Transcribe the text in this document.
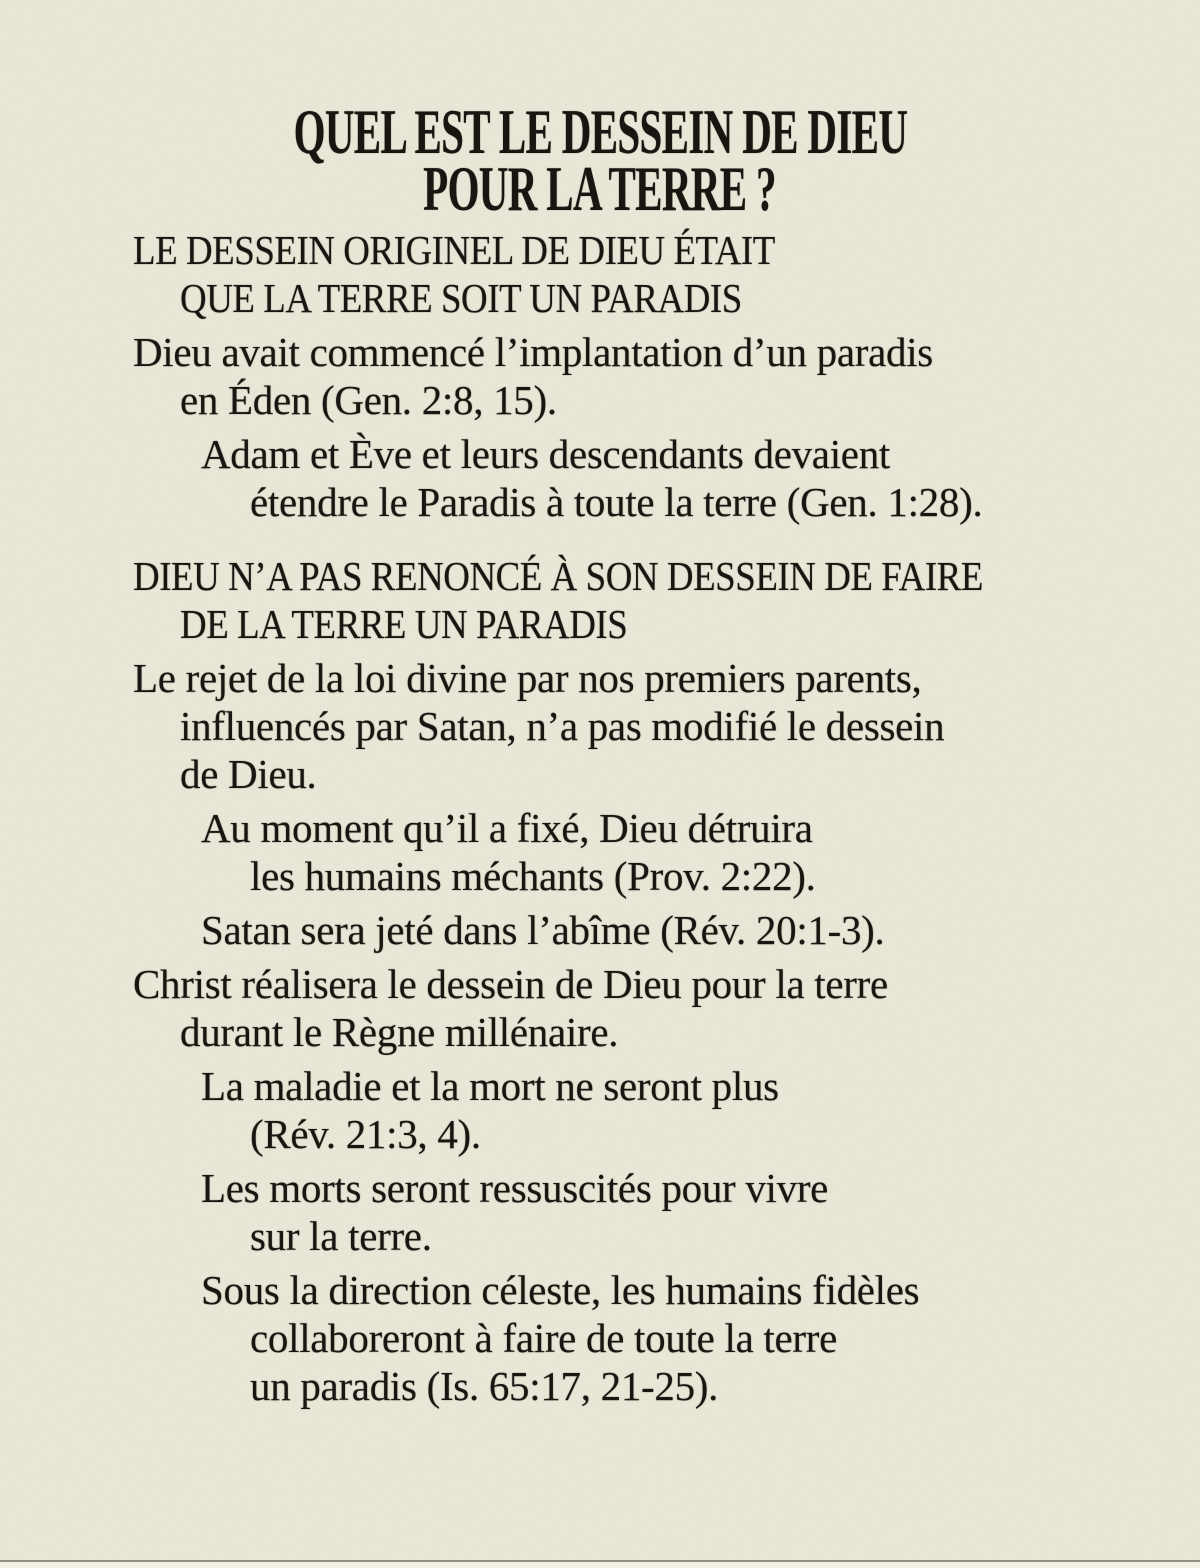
QUEL EST LE DESSEIN DE DIEU
POUR LA TERRE ?
LE DESSEIN ORIGINEL DE DIEU ÉTAIT
QUE LA TERRE SOIT UN PARADIS
Dieu avait commencé l’implantation d’un paradis
en Éden (Gen. 2:8, 15).
Adam et Ève et leurs descendants devaient
étendre le Paradis à toute la terre (Gen. 1:28).
DIEU N’A PAS RENONCÉ À SON DESSEIN DE FAIRE
DE LA TERRE UN PARADIS
Le rejet de la loi divine par nos premiers parents,
influencés par Satan, n’a pas modifié le dessein
de Dieu.
Au moment qu’il a fixé, Dieu détruira
les humains méchants (Prov. 2:22).
Satan sera jeté dans l’abîme (Rév. 20:1-3).
Christ réalisera le dessein de Dieu pour la terre
durant le Règne millénaire.
La maladie et la mort ne seront plus
(Rév. 21:3, 4).
Les morts seront ressuscités pour vivre
sur la terre.
Sous la direction céleste, les humains fidèles
collaboreront à faire de toute la terre
un paradis (Is. 65:17, 21-25).
